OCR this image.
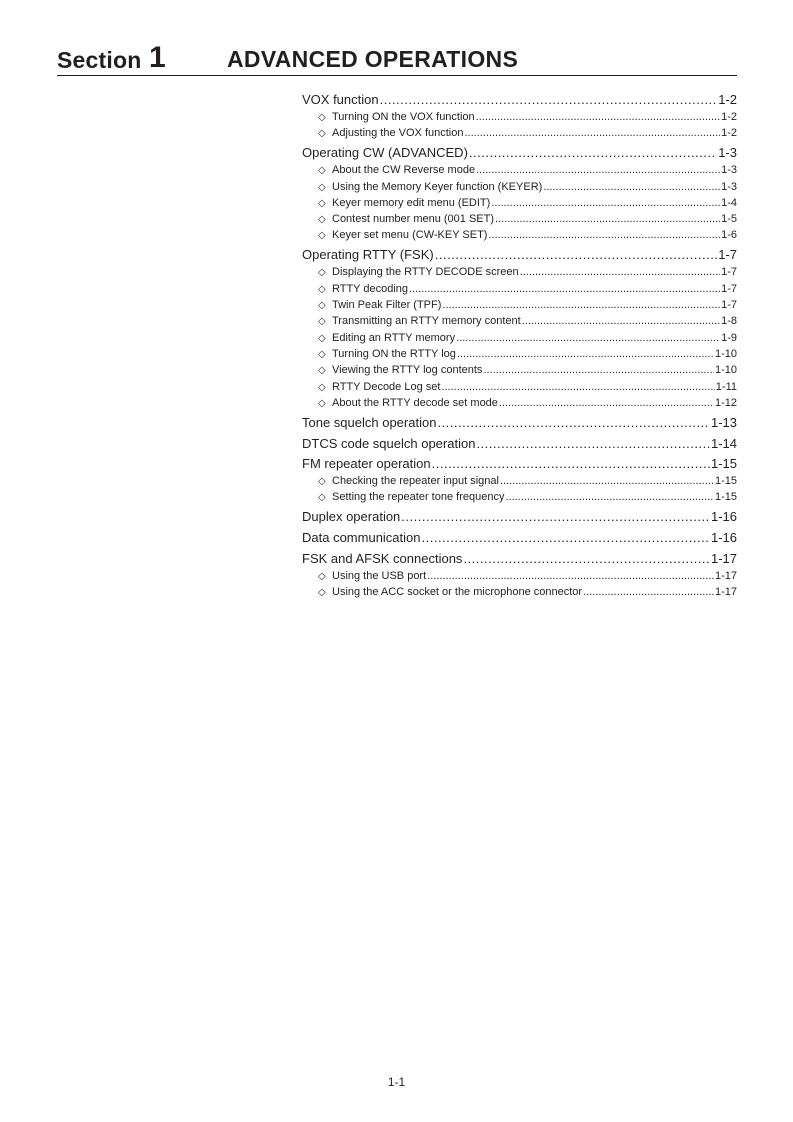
Section 1	ADVANCED OPERATIONS
VOX function .....	1-2
◇ Turning ON the VOX function .....	1-2
◇ Adjusting the VOX function .....	1-2
Operating CW (ADVANCED) .....	1-3
◇ About the CW Reverse mode .....	1-3
◇ Using the Memory Keyer function (KEYER) .....	1-3
◇ Keyer memory edit menu (EDIT) .....	1-4
◇ Contest number menu (001 SET) .....	1-5
◇ Keyer set menu (CW-KEY SET) .....	1-6
Operating RTTY (FSK) .....	1-7
◇ Displaying the RTTY DECODE screen .....	1-7
◇ RTTY decoding .....	1-7
◇ Twin Peak Filter (TPF) .....	1-7
◇ Transmitting an RTTY memory content .....	1-8
◇ Editing an RTTY memory .....	1-9
◇ Turning ON the RTTY log .....	1-10
◇ Viewing the RTTY log contents .....	1-10
◇ RTTY Decode Log set .....	1-11
◇ About the RTTY decode set mode .....	1-12
Tone squelch operation .....	1-13
DTCS code squelch operation .....	1-14
FM repeater operation .....	1-15
◇ Checking the repeater input signal .....	1-15
◇ Setting the repeater tone frequency .....	1-15
Duplex operation .....	1-16
Data communication .....	1-16
FSK and AFSK connections .....	1-17
◇ Using the USB port .....	1-17
◇ Using the ACC socket or the microphone connector .....	1-17
1-1
